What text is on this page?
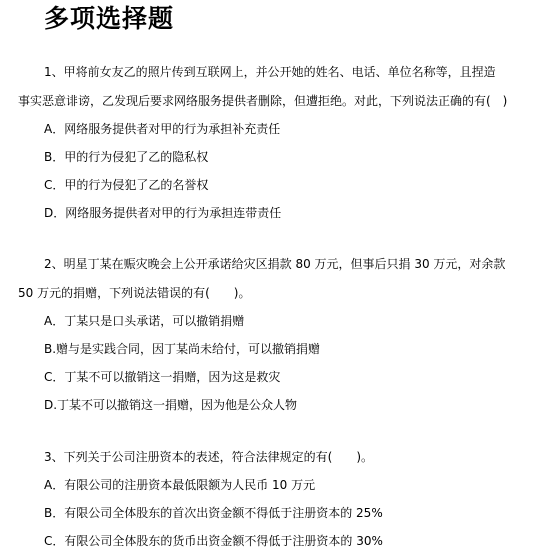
多项选择题
1、甲将前女友乙的照片传到互联网上，并公开她的姓名、电话、单位名称等，且捏造
事实恶意诽谤，乙发现后要求网络服务提供者删除，但遭拒绝。对此，下列说法正确的有(　)
A．网络服务提供者对甲的行为承担补充责任
B．甲的行为侵犯了乙的隐私权
C．甲的行为侵犯了乙的名誉权
D．网络服务提供者对甲的行为承担连带责任
2、明星丁某在赈灾晚会上公开承诺给灾区捐款 80 万元，但事后只捐 30 万元，对余款
50 万元的捐赠，下列说法错误的有(　　)。
A．丁某只是口头承诺，可以撤销捐赠
B.赠与是实践合同，因丁某尚未给付，可以撤销捐赠
C．丁某不可以撤销这一捐赠，因为这是救灾
D.丁某不可以撤销这一捐赠，因为他是公众人物
3、下列关于公司注册资本的表述，符合法律规定的有(　　)。
A．有限公司的注册资本最低限额为人民币 10 万元
B．有限公司全体股东的首次出资金额不得低于注册资本的 25%
C．有限公司全体股东的货币出资金额不得低于注册资本的 30%
